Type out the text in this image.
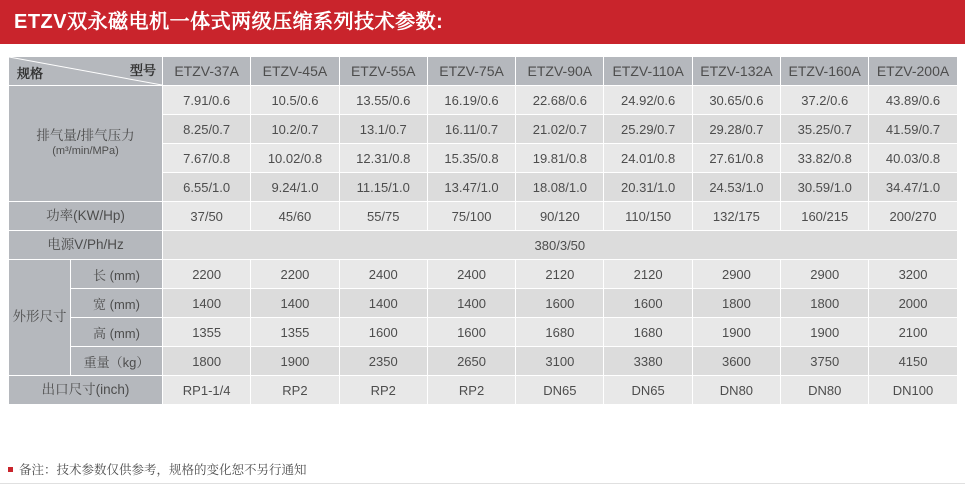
ETZV双永磁电机一体式两级压缩系列技术参数:
型号
规格		ETZV-37A	ETZV-45A	ETZV-55A	ETZV-75A	ETZV-90A	ETZV-110A	ETZV-132A	ETZV-160A	ETZV-200A

排气量/排气压力
(m³/min/MPa)		7.91/0.6	10.5/0.6	13.55/0.6	16.19/0.6	22.68/0.6	24.92/0.6	30.65/0.6	37.2/0.6	43.89/0.6
		8.25/0.7	10.2/0.7	13.1/0.7	16.11/0.7	21.02/0.7	25.29/0.7	29.28/0.7	35.25/0.7	41.59/0.7
		7.67/0.8	10.02/0.8	12.31/0.8	15.35/0.8	19.81/0.8	24.01/0.8	27.61/0.8	33.82/0.8	40.03/0.8
		6.55/1.0	9.24/1.0	11.15/1.0	13.47/1.0	18.08/1.0	20.31/1.0	24.53/1.0	30.59/1.0	34.47/1.0
功率(KW/Hp)		37/50	45/60	55/75	75/100	90/120	110/150	132/175	160/215	200/270
电源V/Ph/Hz		380/3/50								
外形尺寸	长 (mm)	2200	2200	2400	2400	2120	2120	2900	2900	3200
	宽 (mm)	1400	1400	1400	1400	1600	1600	1800	1800	2000
	高 (mm)	1355	1355	1600	1600	1680	1680	1900	1900	2100
	重量（kg）	1800	1900	2350	2650	3100	3380	3600	3750	4150
出口尺寸(inch)		RP1-1/4	RP2	RP2	RP2	DN65	DN65	DN80	DN80	DN100
备注：技术参数仅供参考，规格的变化恕不另行通知
